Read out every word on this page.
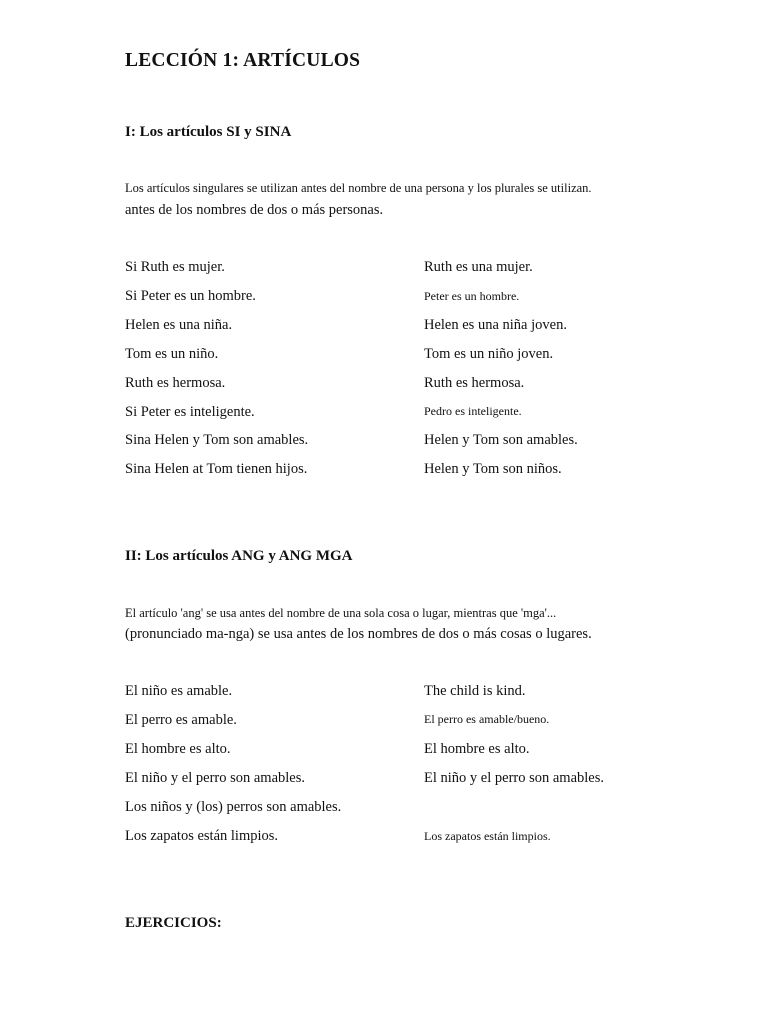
LECCIÓN 1: ARTÍCULOS
I: Los artículos SI y SINA
Los artículos singulares se utilizan antes del nombre de una persona y los plurales se utilizan.
antes de los nombres de dos o más personas.
Si Ruth es mujer.	Ruth es una mujer.
Si Peter es un hombre.	Peter es un hombre.
Helen es una niña.	Helen es una niña joven.
Tom es un niño.	Tom es un niño joven.
Ruth es hermosa.	Ruth es hermosa.
Si Peter es inteligente.	Pedro es inteligente.
Sina Helen y Tom son amables.	Helen y Tom son amables.
Sina Helen at Tom tienen hijos.	Helen y Tom son niños.
II: Los artículos ANG y ANG MGA
El artículo 'ang' se usa antes del nombre de una sola cosa o lugar, mientras que 'mga'...
(pronunciado ma-nga) se usa antes de los nombres de dos o más cosas o lugares.
El niño es amable.	The child is kind.
El perro es amable.	El perro es amable/bueno.
El hombre es alto.	El hombre es alto.
El niño y el perro son amables.	El niño y el perro son amables.
Los niños y (los) perros son amables.
Los zapatos están limpios.	Los zapatos están limpios.
EJERCICIOS:
